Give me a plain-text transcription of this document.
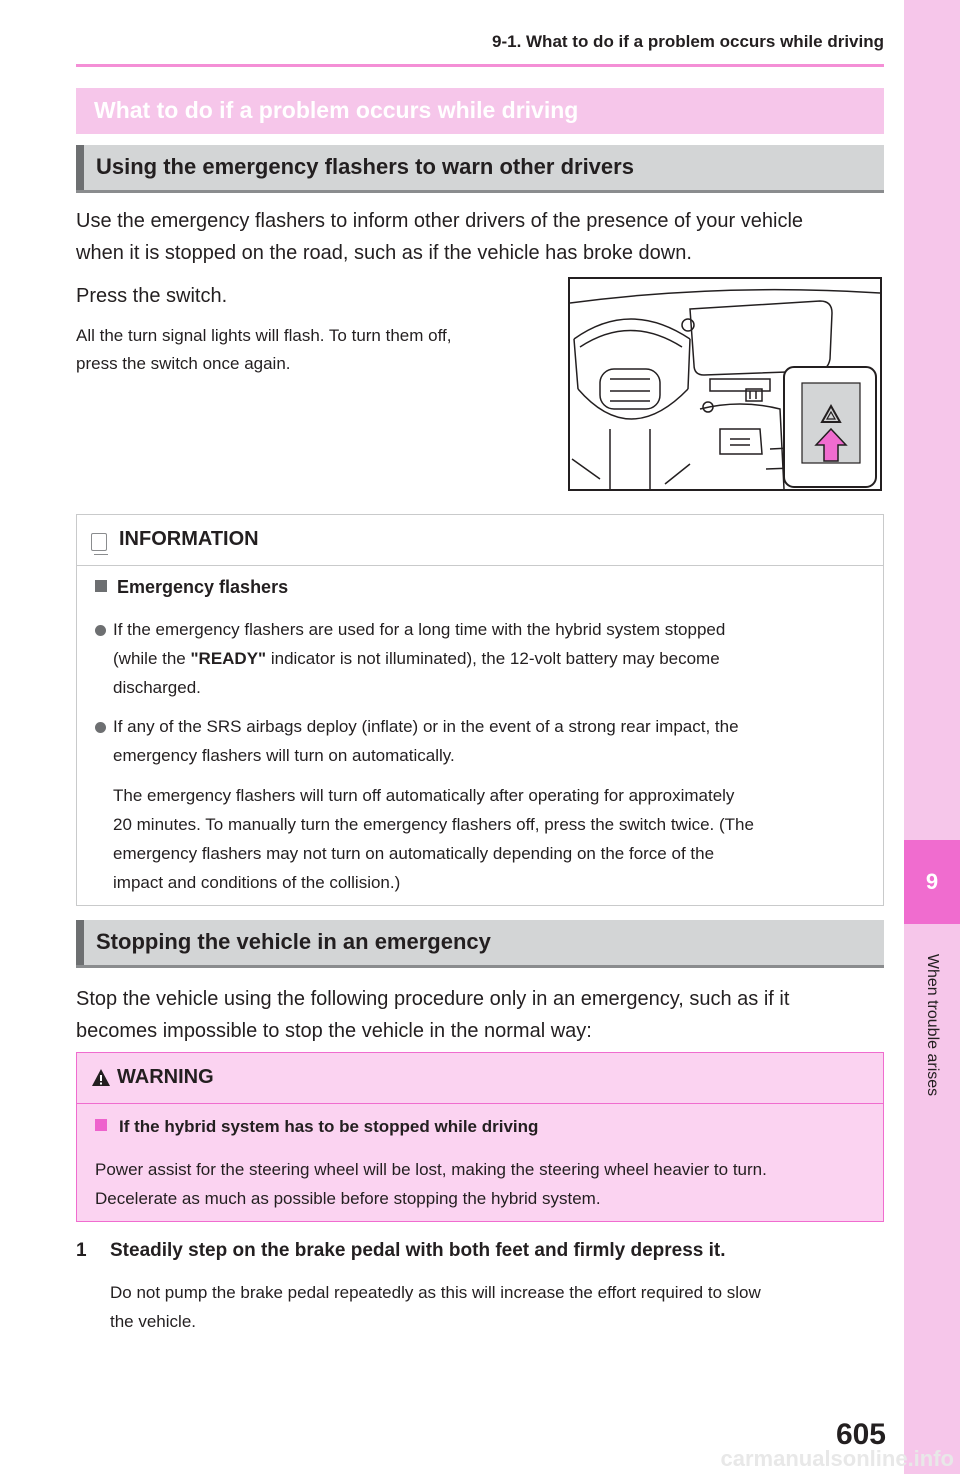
9-1. What to do if a problem occurs while driving
9
When trouble arises
What to do if a problem occurs while driving
Using the emergency flashers to warn other drivers
Use the emergency flashers to inform other drivers of the presence of your vehicle
when it is stopped on the road, such as if the vehicle has broke down.
Press the switch.
All the turn signal lights will flash. To turn them off,
press the switch once again.
INFORMATION
Emergency flashers
If the emergency flashers are used for a long time with the hybrid system stopped
(while the "READY" indicator is not illuminated), the 12-volt battery may become
discharged.
If any of the SRS airbags deploy (inflate) or in the event of a strong rear impact, the
emergency flashers will turn on automatically.
The emergency flashers will turn off automatically after operating for approximately
20 minutes. To manually turn the emergency flashers off, press the switch twice. (The
emergency flashers may not turn on automatically depending on the force of the
impact and conditions of the collision.)
Stopping the vehicle in an emergency
Stop the vehicle using the following procedure only in an emergency, such as if it
becomes impossible to stop the vehicle in the normal way:
WARNING
If the hybrid system has to be stopped while driving
Power assist for the steering wheel will be lost, making the steering wheel heavier to turn.
Decelerate as much as possible before stopping the hybrid system.
1 Steadily step on the brake pedal with both feet and firmly depress it.
Do not pump the brake pedal repeatedly as this will increase the effort required to slow
the vehicle.
605
carmanualsonline.info
